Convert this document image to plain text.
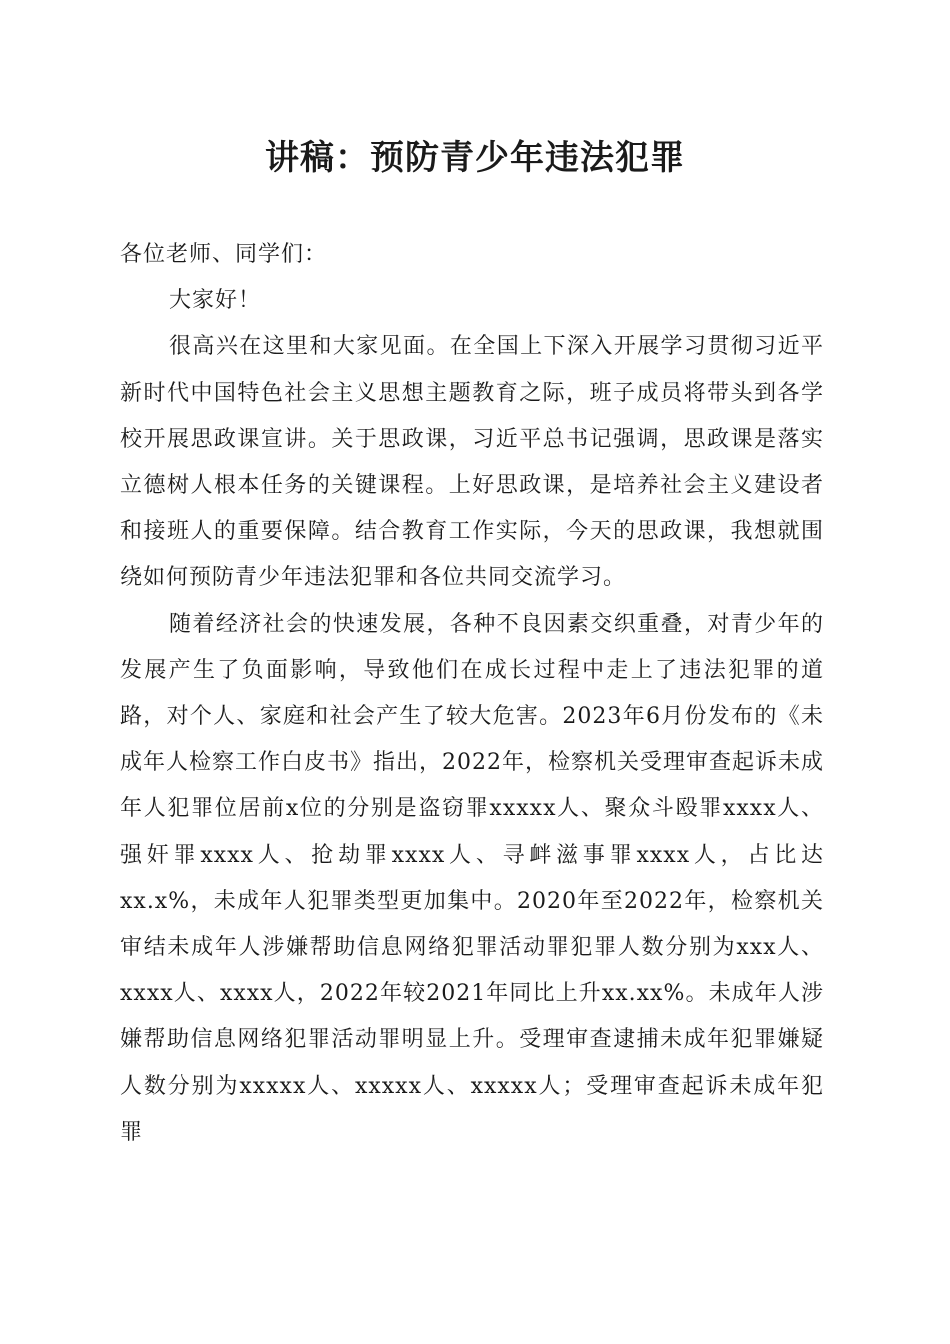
讲稿：预防青少年违法犯罪

各位老师、同学们：

大家好！

很高兴在这里和大家见面。在全国上下深入开展学习贯彻习近平新时代中国特色社会主义思想主题教育之际，班子成员将带头到各学校开展思政课宣讲。关于思政课，习近平总书记强调，思政课是落实立德树人根本任务的关键课程。上好思政课，是培养社会主义建设者和接班人的重要保障。结合教育工作实际，今天的思政课，我想就围绕如何预防青少年违法犯罪和各位共同交流学习。

随着经济社会的快速发展，各种不良因素交织重叠，对青少年的发展产生了负面影响，导致他们在成长过程中走上了违法犯罪的道路，对个人、家庭和社会产生了较大危害。2023年6月份发布的《未成年人检察工作白皮书》指出，2022年，检察机关受理审查起诉未成年人犯罪位居前x位的分别是盗窃罪xxxxx人、聚众斗殴罪xxxx人、强奸罪xxxx人、抢劫罪xxxx人、寻衅滋事罪xxxx人，占比达xx.x%，未成年人犯罪类型更加集中。2020年至2022年，检察机关审结未成年人涉嫌帮助信息网络犯罪活动罪犯罪人数分别为xxx人、xxxx人、xxxx人，2022年较2021年同比上升xx.xx%。未成年人涉嫌帮助信息网络犯罪活动罪明显上升。受理审查逮捕未成年犯罪嫌疑人数分别为xxxxx人、xxxxx人、xxxxx人；受理审查起诉未成年犯罪
